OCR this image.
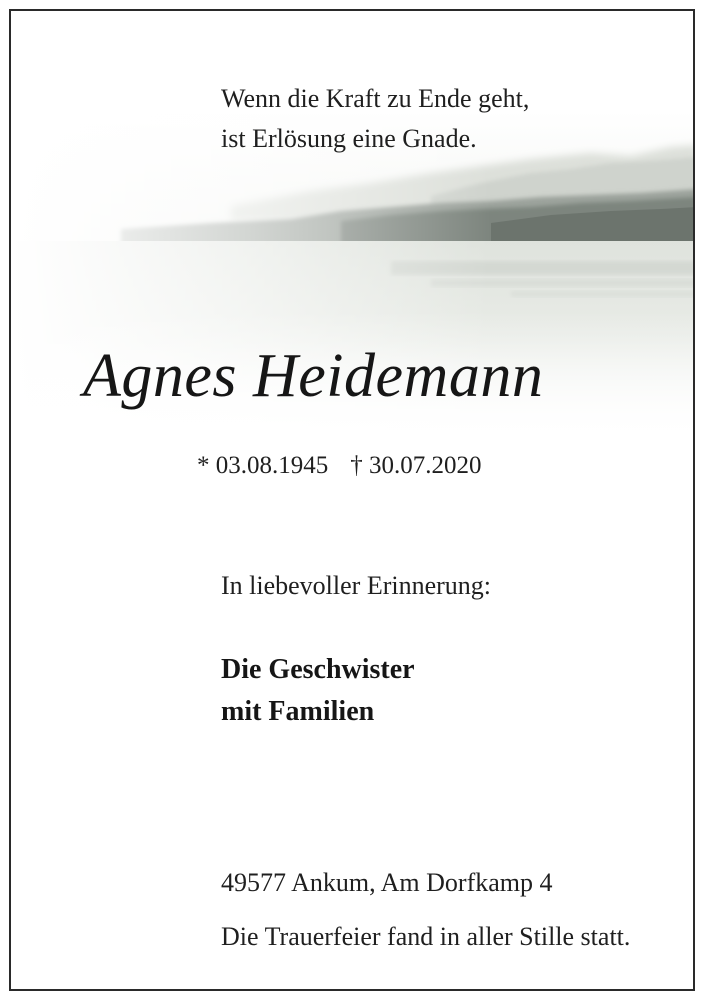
Wenn die Kraft zu Ende geht,
ist Erlösung eine Gnade.
Agnes Heidemann
* 03.08.1945 † 30.07.2020
In liebevoller Erinnerung:
Die Geschwister
mit Familien
49577 Ankum, Am Dorfkamp 4
Die Trauerfeier fand in aller Stille statt.
